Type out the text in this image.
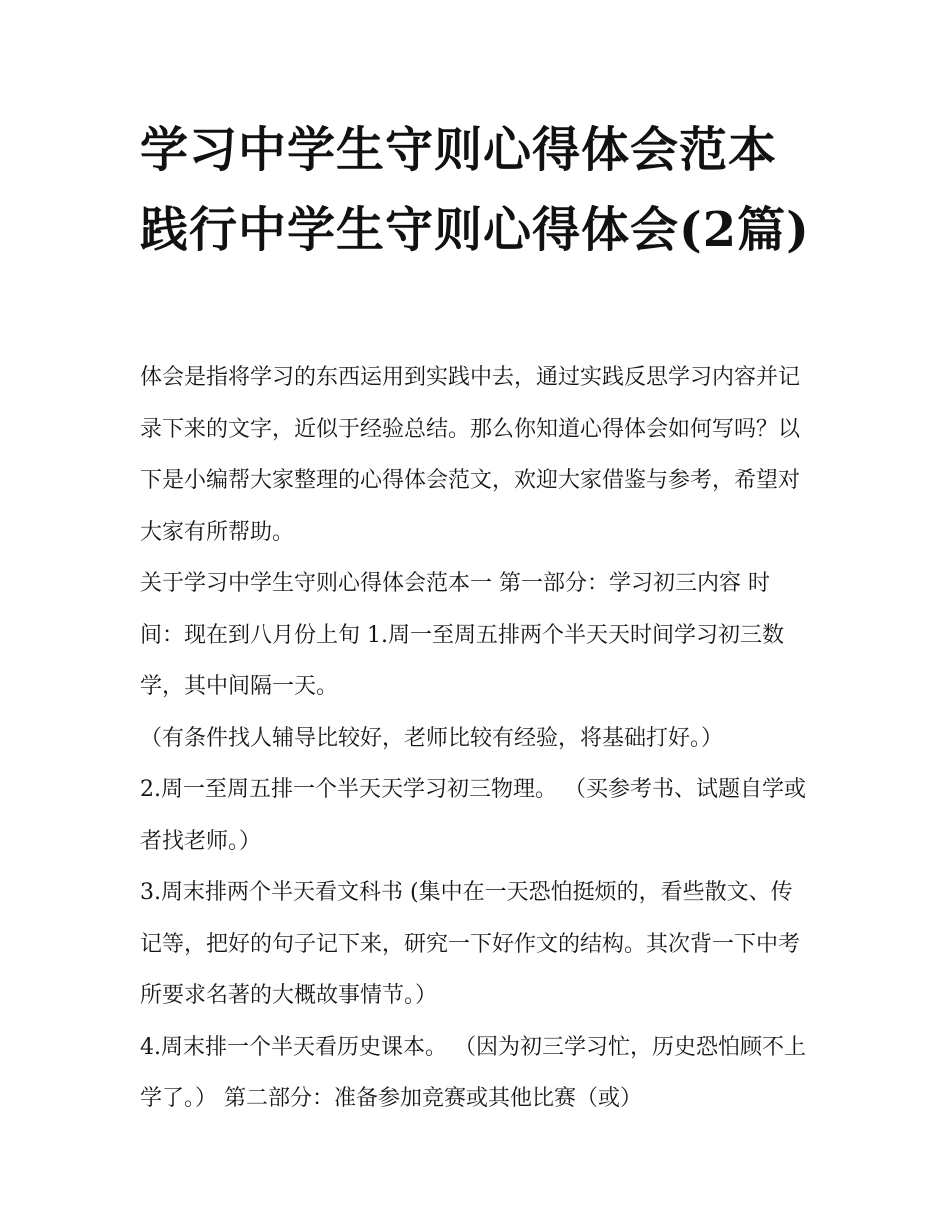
学习中学生守则心得体会范本践行中学生守则心得体会(2篇)

体会是指将学习的东西运用到实践中去，通过实践反思学习内容并记录下来的文字，近似于经验总结。那么你知道心得体会如何写吗？以下是小编帮大家整理的心得体会范文，欢迎大家借鉴与参考，希望对大家有所帮助。

关于学习中学生守则心得体会范本一 第一部分：学习初三内容 时间：现在到八月份上旬 1.周一至周五排两个半天天时间学习初三数学，其中间隔一天。

（有条件找人辅导比较好，老师比较有经验，将基础打好。）

2.周一至周五排一个半天天学习初三物理。 （买参考书、试题自学或者找老师。）

3.周末排两个半天看文科书 (集中在一天恐怕挺烦的，看些散文、传记等，把好的句子记下来，研究一下好作文的结构。其次背一下中考所要求名著的大概故事情节。）

4.周末排一个半天看历史课本。 （因为初三学习忙，历史恐怕顾不上学了。） 第二部分：准备参加竞赛或其他比赛（或）
